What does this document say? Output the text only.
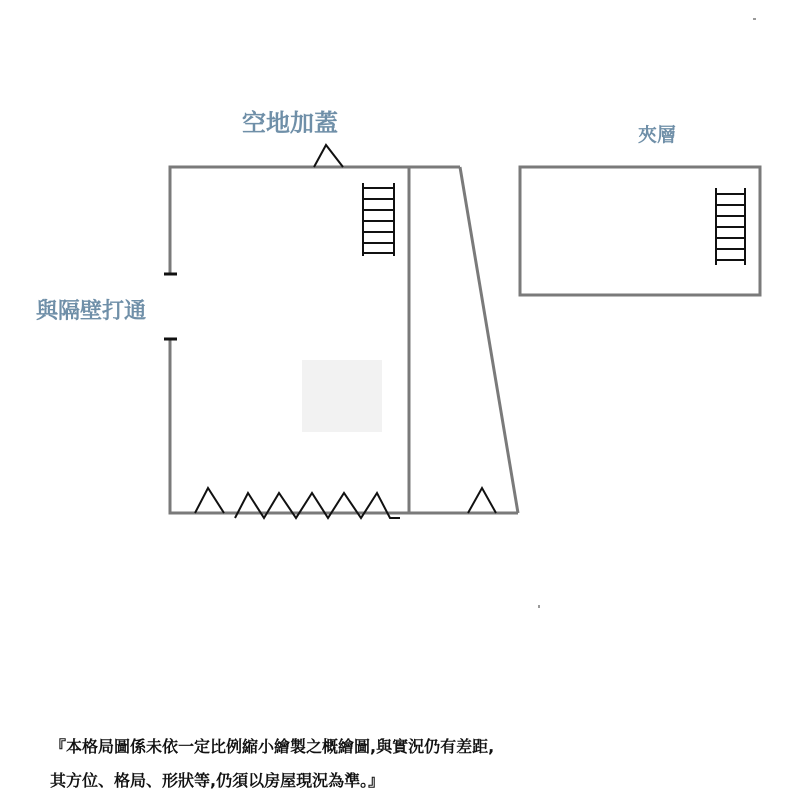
空地加蓋
與隔壁打通
夾層
『本格局圖係未依一定比例縮小繪製之概繪圖,與實況仍有差距,
其方位、格局、形狀等,仍須以房屋現況為準。』
